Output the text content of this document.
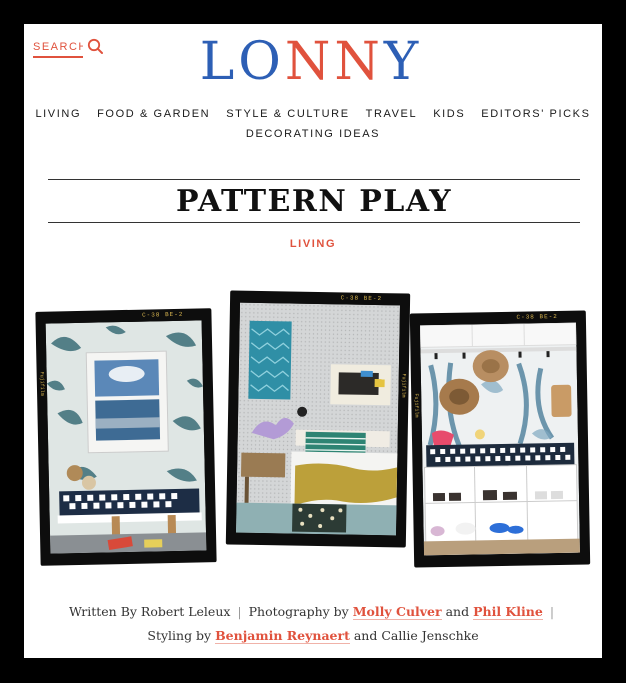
SEARCH
L O N N Y
LIVING FOOD & GARDEN STYLE & CULTURE TRAVEL KIDS EDITORS' PICKS
DECORATING IDEAS
PATTERN PLAY
LIVING
C-38 BE-2
Fujifilm
C-38 BE-2
Fujifilm
C-38 BE-2
Fujifilm
Written By Robert Leleux | Photography by Molly Culver and Phil Kline |
Styling by Benjamin Reynaert and Callie Jenschke
